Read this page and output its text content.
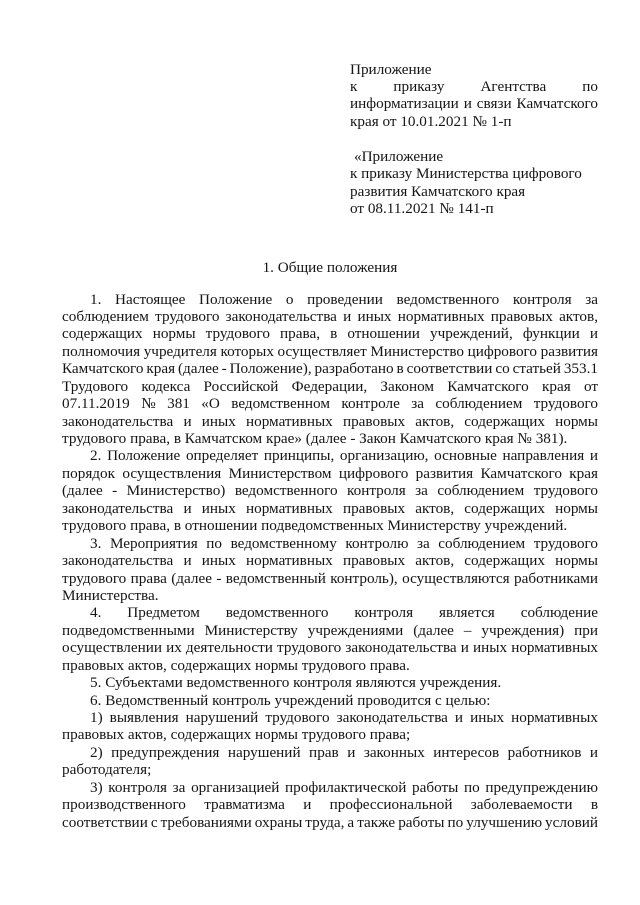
Приложение
к приказу Агентства по
информатизации и связи Камчатского
края от 10.01.2021 № 1-п
«Приложение
к приказу Министерства цифрового
развития Камчатского края
от 08.11.2021 № 141-п
1. Общие положения
1. Настоящее Положение о проведении ведомственного контроля за
соблюдением трудового законодательства и иных нормативных правовых актов,
содержащих нормы трудового права, в отношении учреждений, функции и
полномочия учредителя которых осуществляет Министерство цифрового развития
Камчатского края (далее - Положение), разработано в соответствии со статьей 353.1
Трудового кодекса Российской Федерации, Законом Камчатского края от
07.11.2019 № 381 «О ведомственном контроле за соблюдением трудового
законодательства и иных нормативных правовых актов, содержащих нормы
трудового права, в Камчатском крае» (далее - Закон Камчатского края № 381).
2. Положение определяет принципы, организацию, основные направления и
порядок осуществления Министерством цифрового развития Камчатского края
(далее - Министерство) ведомственного контроля за соблюдением трудового
законодательства и иных нормативных правовых актов, содержащих нормы
трудового права, в отношении подведомственных Министерству учреждений.
3. Мероприятия по ведомственному контролю за соблюдением трудового
законодательства и иных нормативных правовых актов, содержащих нормы
трудового права (далее - ведомственный контроль), осуществляются работниками
Министерства.
4. Предметом ведомственного контроля является соблюдение
подведомственными Министерству учреждениями (далее – учреждения) при
осуществлении их деятельности трудового законодательства и иных нормативных
правовых актов, содержащих нормы трудового права.
5. Субъектами ведомственного контроля являются учреждения.
6. Ведомственный контроль учреждений проводится с целью:
1) выявления нарушений трудового законодательства и иных нормативных
правовых актов, содержащих нормы трудового права;
2) предупреждения нарушений прав и законных интересов работников и
работодателя;
3) контроля за организацией профилактической работы по предупреждению
производственного травматизма и профессиональной заболеваемости в
соответствии с требованиями охраны труда, а также работы по улучшению условий
